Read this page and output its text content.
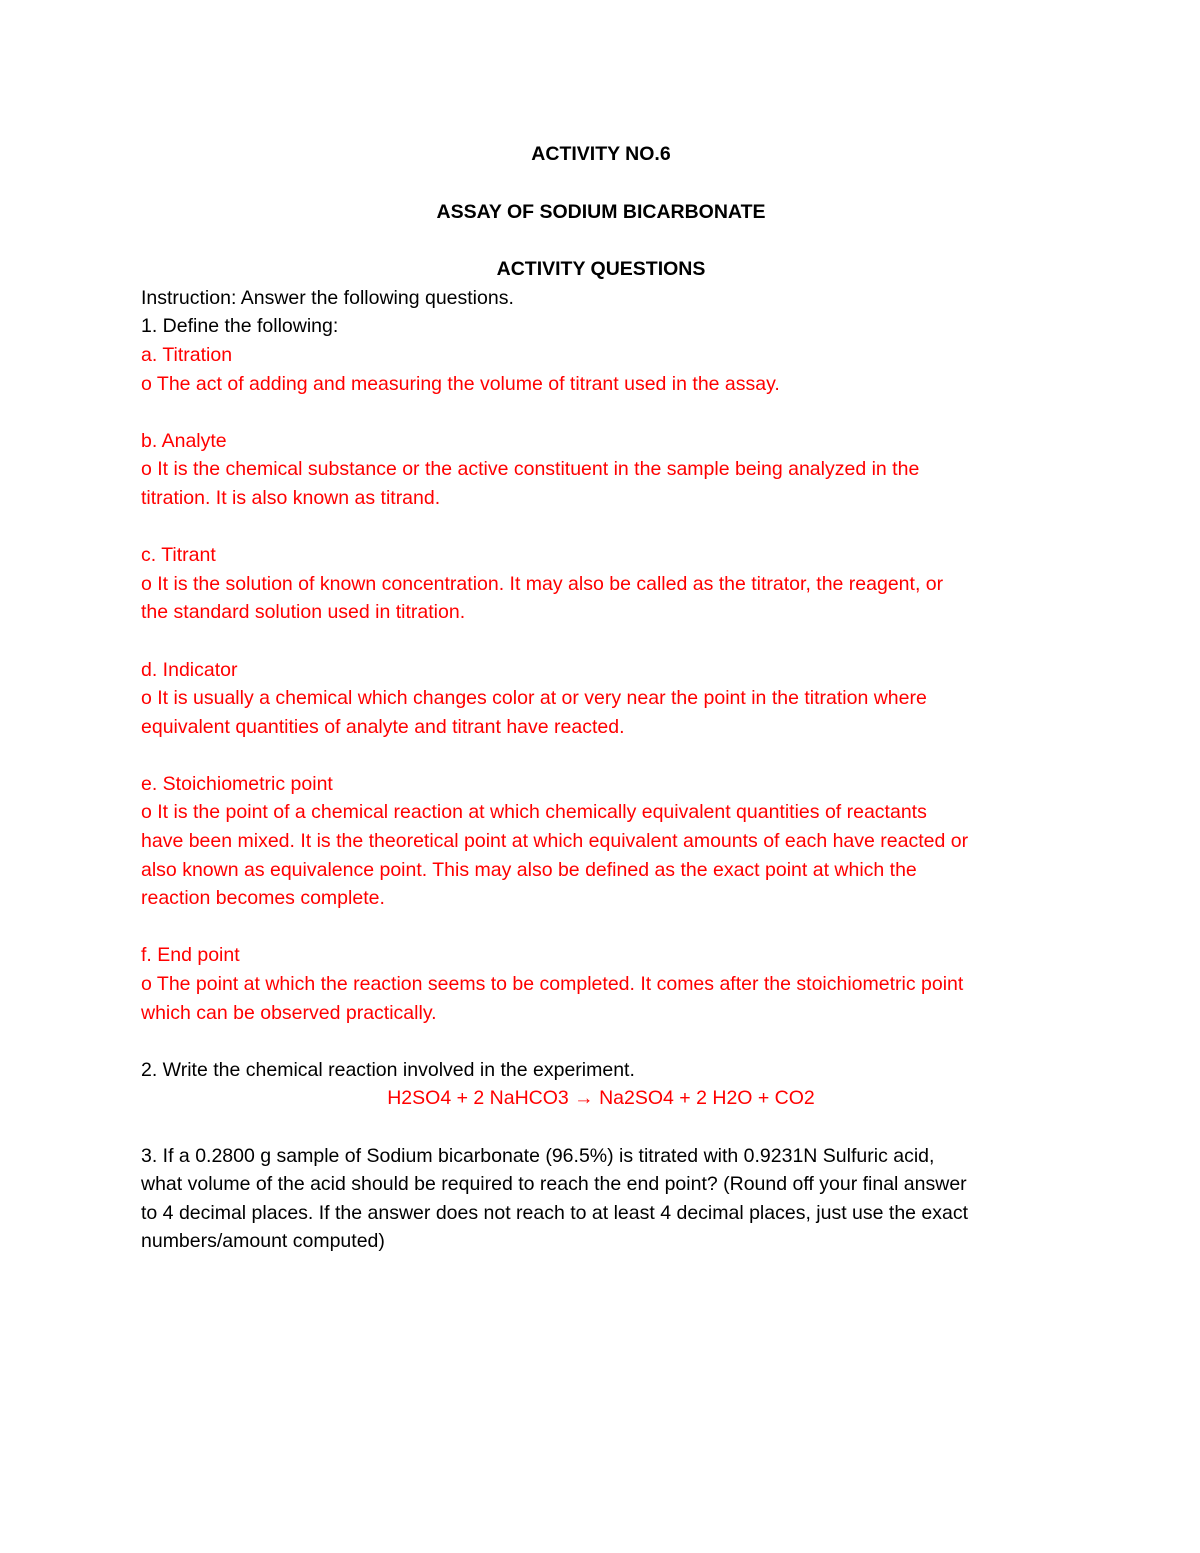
ACTIVITY NO.6

ASSAY OF SODIUM BICARBONATE

ACTIVITY QUESTIONS

Instruction: Answer the following questions.

1. Define the following:

a. Titration

o The act of adding and measuring the volume of titrant used in the assay.

b. Analyte

o It is the chemical substance or the active constituent in the sample being analyzed in the

titration. It is also known as titrand.

c. Titrant

o It is the solution of known concentration. It may also be called as the titrator, the reagent, or

the standard solution used in titration.

d. Indicator

o It is usually a chemical which changes color at or very near the point in the titration where

equivalent quantities of analyte and titrant have reacted.

e. Stoichiometric point

o It is the point of a chemical reaction at which chemically equivalent quantities of reactants

have been mixed. It is the theoretical point at which equivalent amounts of each have reacted or

also known as equivalence point. This may also be defined as the exact point at which the

reaction becomes complete.

f. End point

o The point at which the reaction seems to be completed. It comes after the stoichiometric point

which can be observed practically.

2. Write the chemical reaction involved in the experiment.

H2SO4 + 2 NaHCO3 → Na2SO4 + 2 H2O + CO2

3. If a 0.2800 g sample of Sodium bicarbonate (96.5%) is titrated with 0.9231N Sulfuric acid,

what volume of the acid should be required to reach the end point? (Round off your final answer

to 4 decimal places. If the answer does not reach to at least 4 decimal places, just use the exact

numbers/amount computed)
